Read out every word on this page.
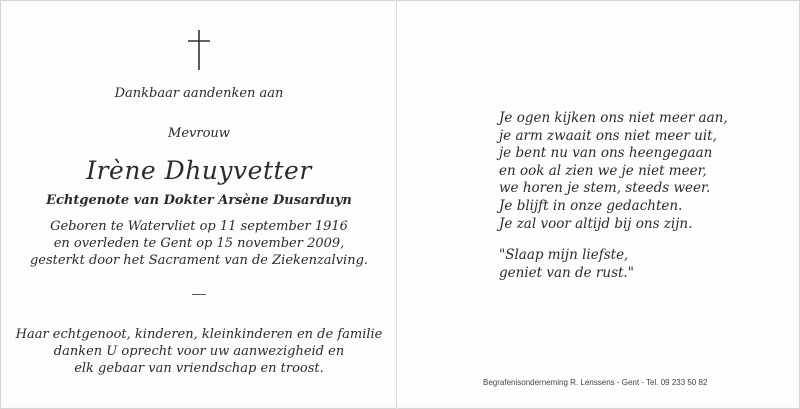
Dankbaar aandenken aan
Mevrouw
Irène Dhuyvetter
Echtgenote van Dokter Arsène Dusarduyn
Geboren te Watervliet op 11 september 1916
en overleden te Gent op 15 november 2009,
gesterkt door het Sacrament van de Ziekenzalving.
Haar echtgenoot, kinderen, kleinkinderen en de familie
danken U oprecht voor uw aanwezigheid en
elk gebaar van vriendschap en troost.
Je ogen kijken ons niet meer aan,
je arm zwaait ons niet meer uit,
je bent nu van ons heengegaan
en ook al zien we je niet meer,
we horen je stem, steeds weer.
Je blijft in onze gedachten.
Je zal voor altijd bij ons zijn.
"Slaap mijn liefste,
geniet van de rust."
Begrafenisonderneming R. Lenssens - Gent - Tel. 09 233 50 82
